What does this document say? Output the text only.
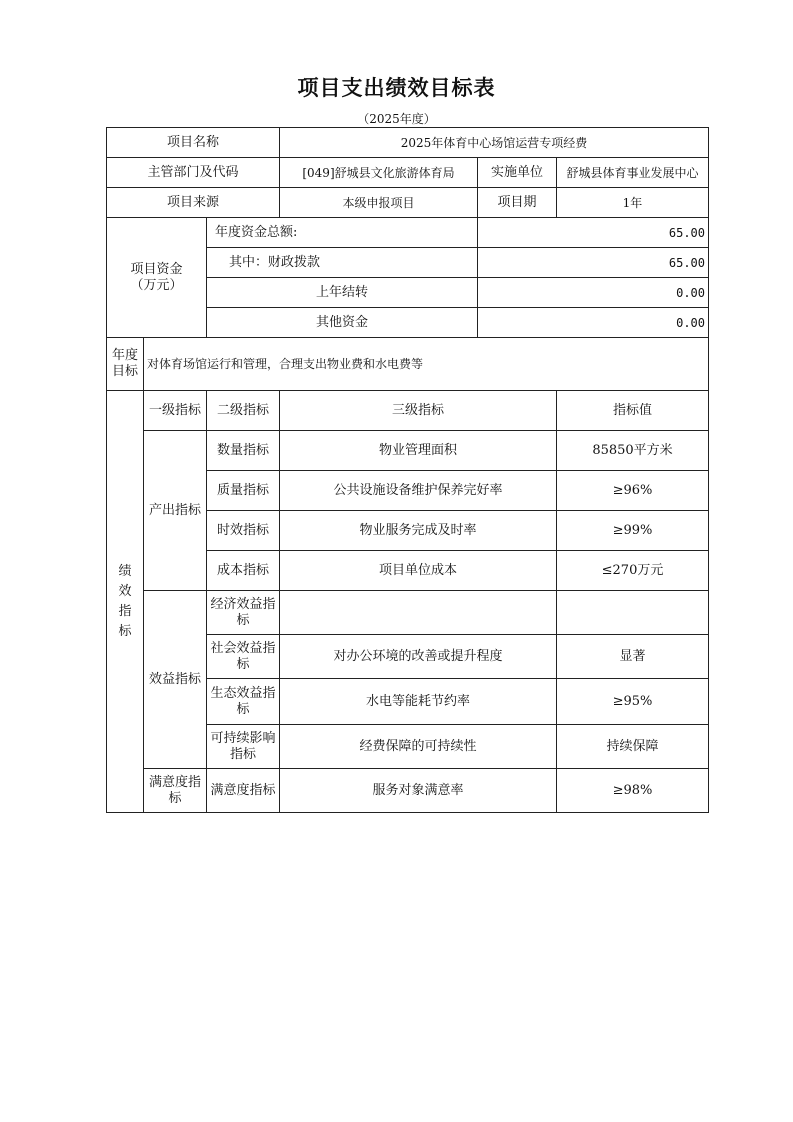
项目支出绩效目标表
（2025年度）
项目名称			2025年体育中心场馆运营专项经费		
主管部门及代码			[049]舒城县文化旅游体育局	实施单位	舒城县体育事业发展中心
项目来源			本级申报项目	项目期	1年
项目资金
（万元）		年度资金总额:		65.00	
		其中：财政拨款		65.00	
		上年结转		0.00	
		其他资金		0.00	
年度
目标	对体育场馆运行和管理，合理支出物业费和水电费等				
绩
效
指
标	一级指标	二级指标	三级指标		指标值
	产出指标	数量指标	物业管理面积		85850平方米
		质量指标	公共设施设备维护保养完好率		≥96%
		时效指标	物业服务完成及时率		≥99%
		成本指标	项目单位成本		≤270万元
	效益指标	经济效益指标			
		社会效益指标	对办公环境的改善或提升程度		显著
		生态效益指标	水电等能耗节约率		≥95%
		可持续影响指标	经费保障的可持续性		持续保障
	满意度指标	满意度指标	服务对象满意率		≥98%
